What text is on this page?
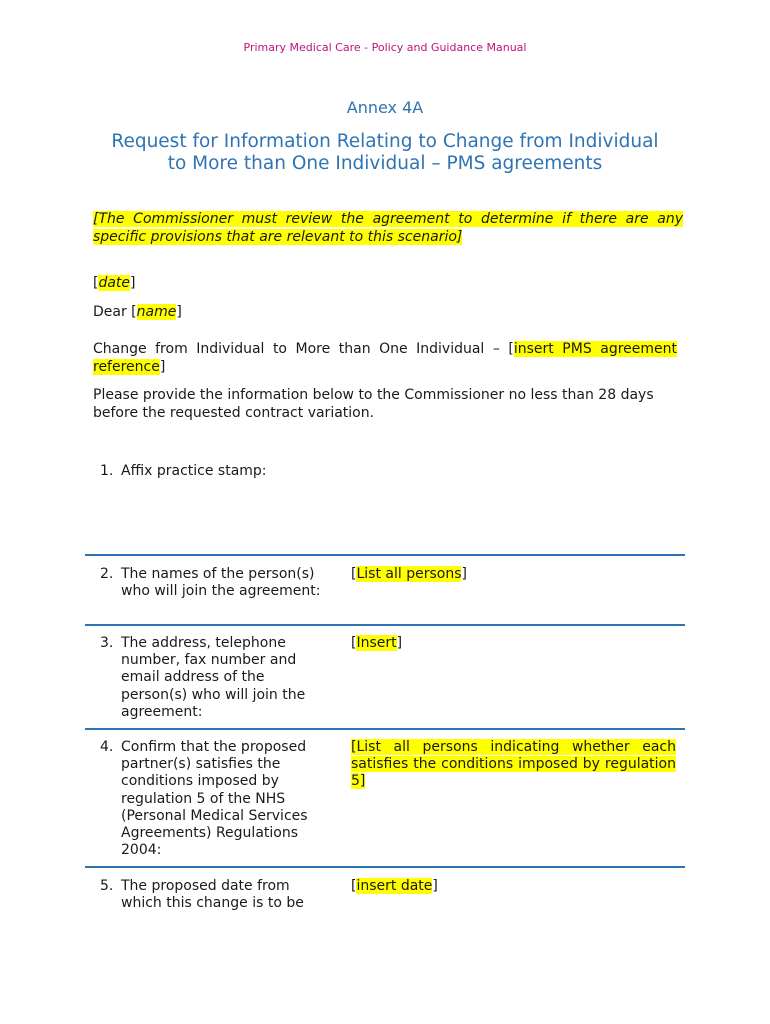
Primary Medical Care - Policy and Guidance Manual
Annex 4A
Request for Information Relating to Change from Individual to More than One Individual – PMS agreements
[The Commissioner must review the agreement to determine if there are any specific provisions that are relevant to this scenario]
[date]
Dear [name]
Change from Individual to More than One Individual – [insert PMS agreement reference]
Please provide the information below to the Commissioner no less than 28 days before the requested contract variation.
1. Affix practice stamp:
2. The names of the person(s) who will join the agreement:
[List all persons]
3. The address, telephone number, fax number and email address of the person(s) who will join the agreement:
[Insert]
4. Confirm that the proposed partner(s) satisfies the conditions imposed by regulation 5 of the NHS (Personal Medical Services Agreements) Regulations 2004:
[List all persons indicating whether each satisfies the conditions imposed by regulation 5]
5. The proposed date from which this change is to be
[insert date]
